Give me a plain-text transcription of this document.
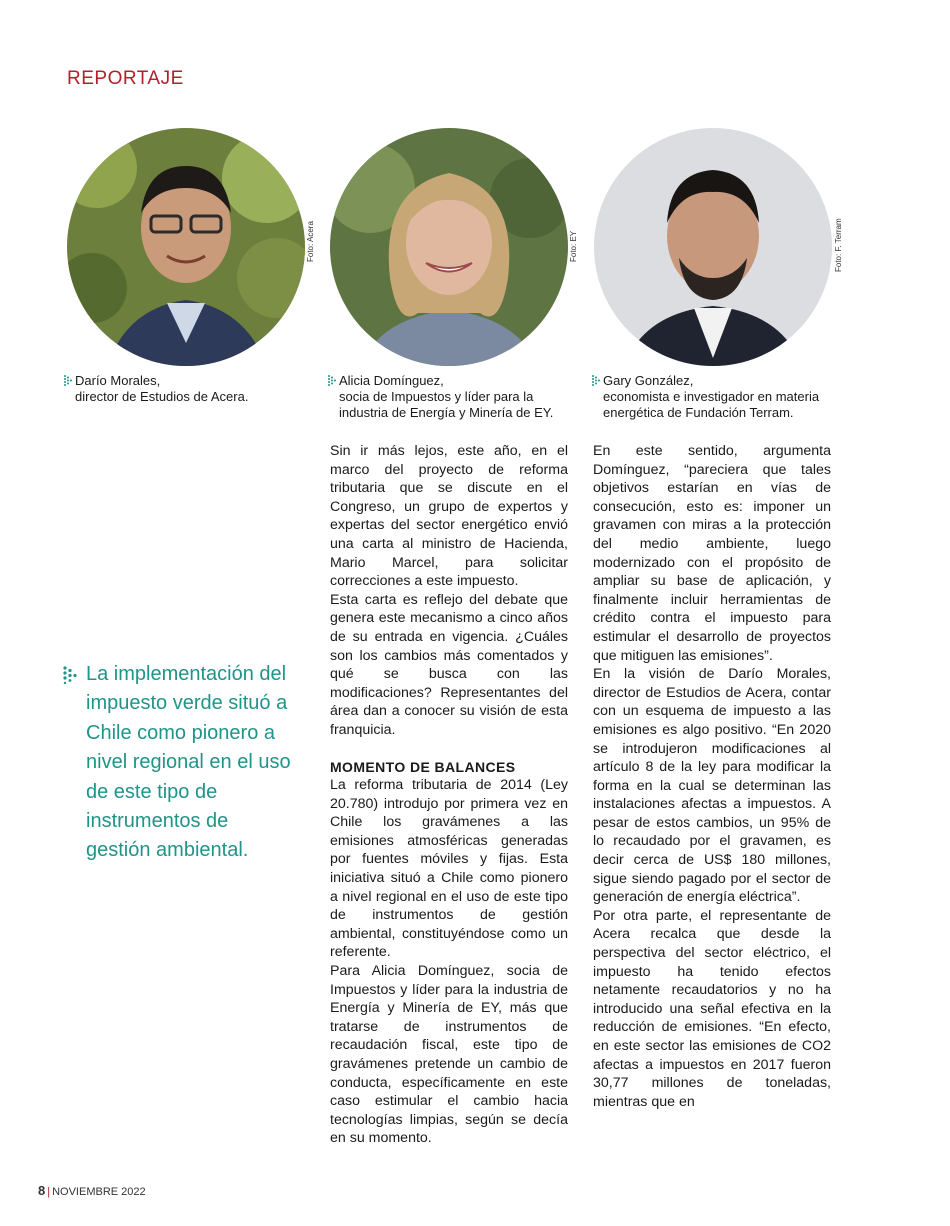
REPORTAJE
Foto: Acera	Foto: EY	Foto: F. Terram
Darío Morales,
director de Estudios de Acera.
Alicia Domínguez,
socia de Impuestos y líder para la
industria de Energía y Minería de EY.
Gary González,
economista e investigador en materia
energética de Fundación Terram.
La implementación del impuesto verde situó a Chile como pionero a nivel regional en el uso de este tipo de instrumentos de gestión ambiental.

Sin ir más lejos, este año, en el marco del proyecto de reforma tributaria que se discute en el Congreso, un grupo de expertos y expertas del sector energético envió una carta al ministro de Hacienda, Mario Marcel, para solicitar correcciones a este impuesto.

Esta carta es reflejo del debate que genera este mecanismo a cinco años de su entrada en vigencia. ¿Cuáles son los cambios más comentados y qué se busca con las modificaciones? Representantes del área dan a conocer su visión de esta franquicia.

MOMENTO DE BALANCES

La reforma tributaria de 2014 (Ley 20.780) introdujo por primera vez en Chile los gravámenes a las emisiones atmosféricas generadas por fuentes móviles y fijas. Esta iniciativa situó a Chile como pionero a nivel regional en el uso de este tipo de instrumentos de gestión ambiental, constituyéndose como un referente.

Para Alicia Domínguez, socia de Impuestos y líder para la industria de Energía y Minería de EY, más que tratarse de instrumentos de recaudación fiscal, este tipo de gravámenes pretende un cambio de conducta, específicamente en este caso estimular el cambio hacia tecnologías limpias, según se decía en su momento.

En este sentido, argumenta Domínguez, “pareciera que tales objetivos estarían en vías de consecución, esto es: imponer un gravamen con miras a la protección del medio ambiente, luego modernizado con el propósito de ampliar su base de aplicación, y finalmente incluir herramientas de crédito contra el impuesto para estimular el desarrollo de proyectos que mitiguen las emisiones”.

En la visión de Darío Morales, director de Estudios de Acera, contar con un esquema de impuesto a las emisiones es algo positivo. “En 2020 se introdujeron modificaciones al artículo 8 de la ley para modificar la forma en la cual se determinan las instalaciones afectas a impuestos. A pesar de estos cambios, un 95% de lo recaudado por el gravamen, es decir cerca de US$ 180 millones, sigue siendo pagado por el sector de generación de energía eléctrica”.

Por otra parte, el representante de Acera recalca que desde la perspectiva del sector eléctrico, el impuesto ha tenido efectos netamente recaudatorios y no ha introducido una señal efectiva en la reducción de emisiones. “En efecto, en este sector las emisiones de CO2 afectas a impuestos en 2017 fueron 30,77 millones de toneladas, mientras que en

8 | NOVIEMBRE 2022
